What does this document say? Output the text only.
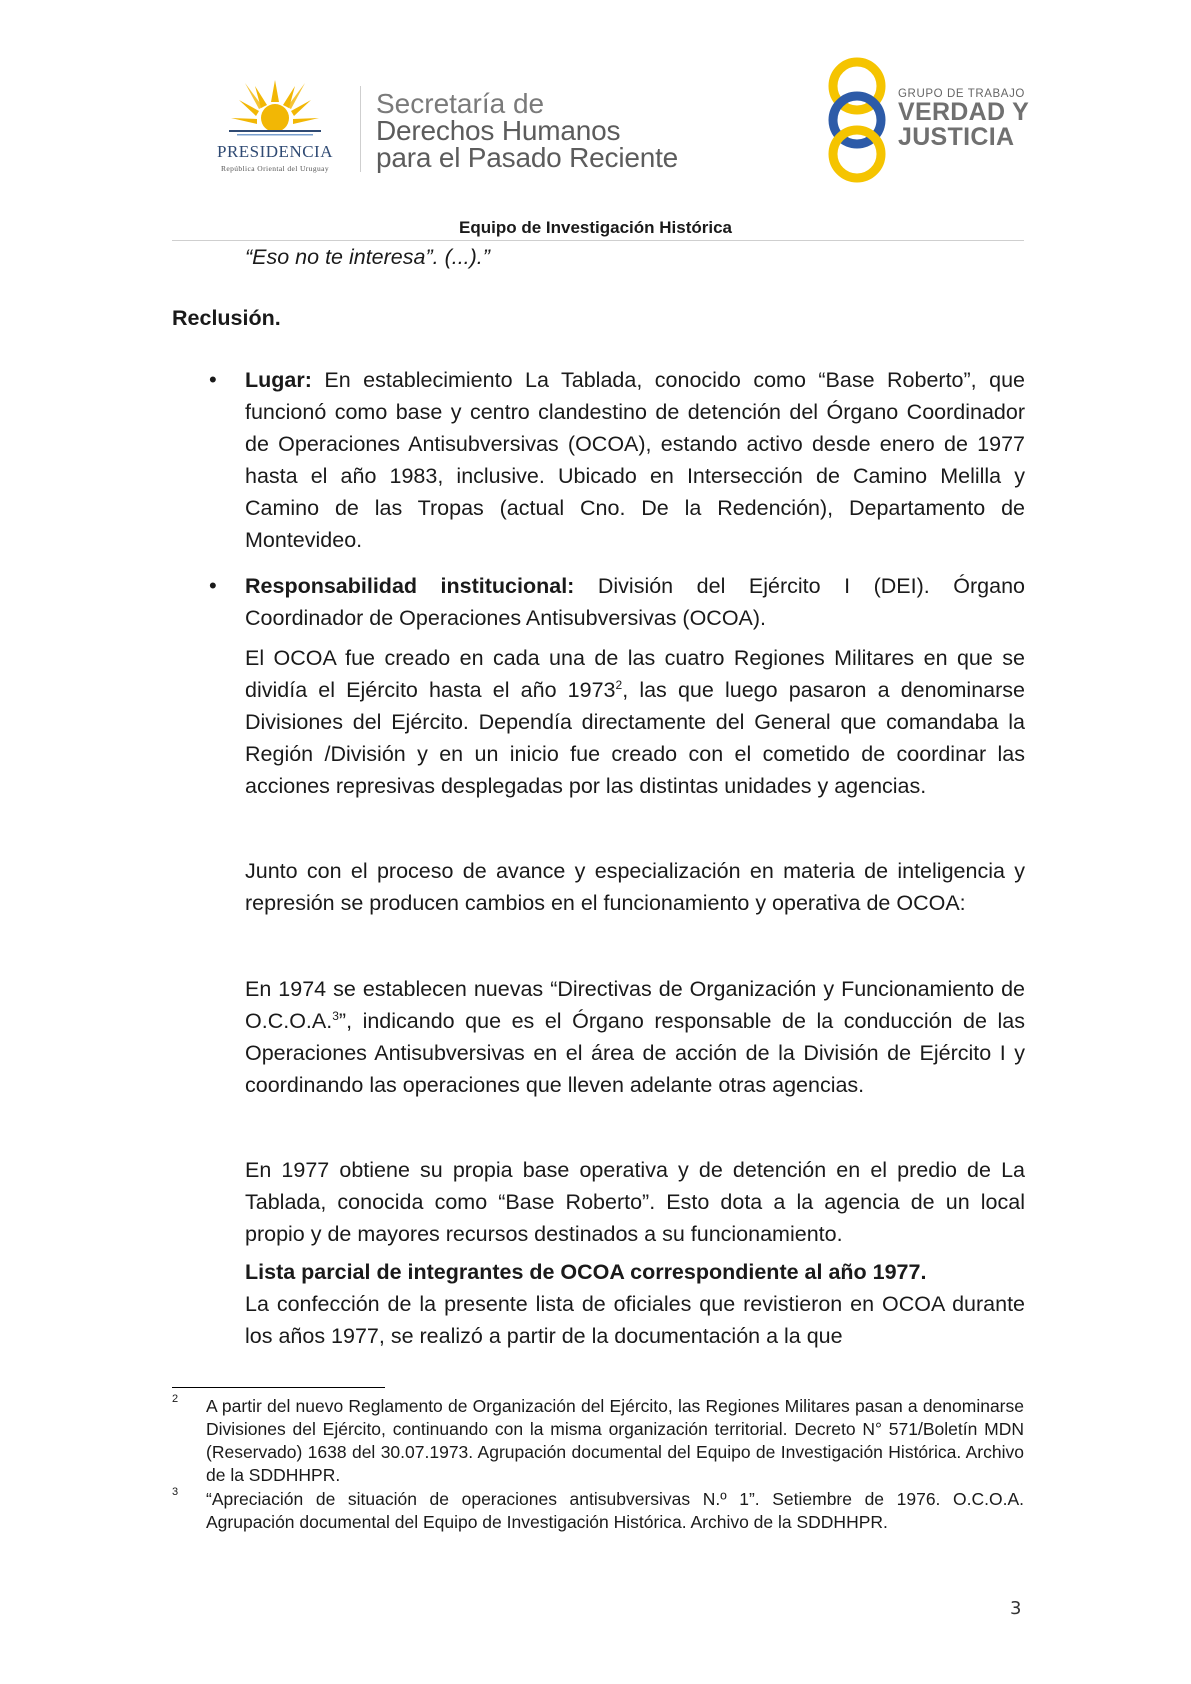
PRESIDENCIA
República Oriental del Uruguay
Secretaría de
Derechos Humanos
para el Pasado Reciente
GRUPO DE TRABAJO
VERDAD Y
JUSTICIA
Equipo de Investigación Histórica
“Eso no te interesa”. (...).”
Reclusión.
• Lugar: En establecimiento La Tablada, conocido como “Base Roberto”, que funcionó como base y centro clandestino de detención del Órgano Coordinador de Operaciones Antisubversivas (OCOA), estando activo desde enero de 1977 hasta el año 1983, inclusive. Ubicado en Intersección de Camino Melilla y Camino de las Tropas (actual Cno. De la Redención), Departamento de Montevideo.

• Responsabilidad institucional: División del Ejército I (DEI). Órgano Coordinador de Operaciones Antisubversivas (OCOA).

El OCOA fue creado en cada una de las cuatro Regiones Militares en que se dividía el Ejército hasta el año 1973$^2$, las que luego pasaron a denominarse Divisiones del Ejército. Dependía directamente del General que comandaba la Región /División y en un inicio fue creado con el cometido de coordinar las acciones represivas desplegadas por las distintas unidades y agencias.

Junto con el proceso de avance y especialización en materia de inteligencia y represión se producen cambios en el funcionamiento y operativa de OCOA:

En 1974 se establecen nuevas “Directivas de Organización y Funcionamiento de O.C.O.A.$^3$”, indicando que es el Órgano responsable de la conducción de las Operaciones Antisubversivas en el área de acción de la División de Ejército I y coordinando las operaciones que lleven adelante otras agencias.

En 1977 obtiene su propia base operativa y de detención en el predio de La Tablada, conocida como “Base Roberto”. Esto dota a la agencia de un local propio y de mayores recursos destinados a su funcionamiento.

Lista parcial de integrantes de OCOA correspondiente al año 1977.
La confección de la presente lista de oficiales que revistieron en OCOA durante los años 1977, se realizó a partir de la documentación a la que

2 A partir del nuevo Reglamento de Organización del Ejército, las Regiones Militares pasan a denominarse Divisiones del Ejército, continuando con la misma organización territorial. Decreto N° 571/Boletín MDN (Reservado) 1638 del 30.07.1973. Agrupación documental del Equipo de Investigación Histórica. Archivo de la SDDHHPR.
3 “Apreciación de situación de operaciones antisubversivas N.º 1”. Setiembre de 1976. O.C.O.A. Agrupación documental del Equipo de Investigación Histórica. Archivo de la SDDHHPR.
3
